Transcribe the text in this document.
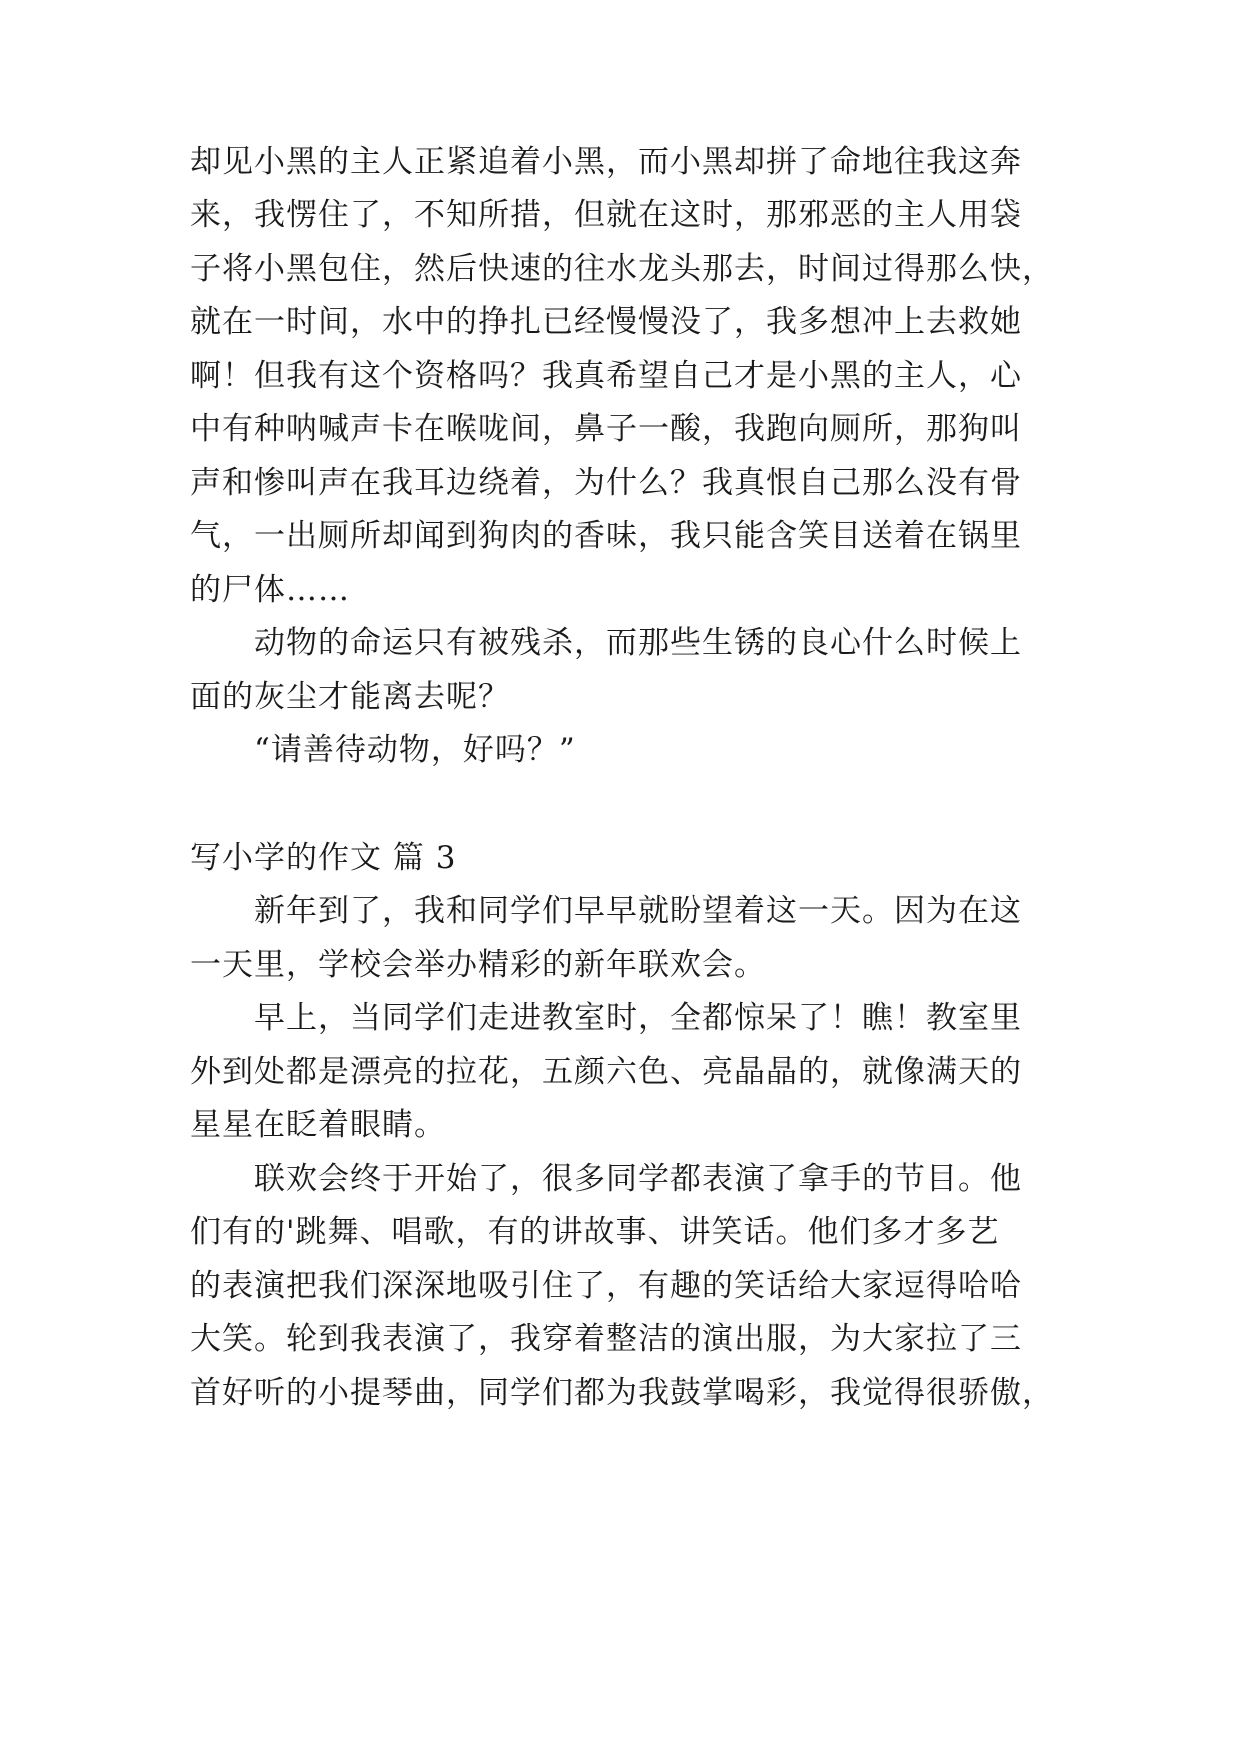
却见小黑的主人正紧追着小黑，而小黑却拼了命地往我这奔
来，我愣住了，不知所措，但就在这时，那邪恶的主人用袋
子将小黑包住，然后快速的往水龙头那去，时间过得那么快，
就在一时间，水中的挣扎已经慢慢没了，我多想冲上去救她
啊！但我有这个资格吗？我真希望自己才是小黑的主人，心
中有种呐喊声卡在喉咙间，鼻子一酸，我跑向厕所，那狗叫
声和惨叫声在我耳边绕着，为什么？我真恨自己那么没有骨
气，一出厕所却闻到狗肉的香味，我只能含笑目送着在锅里
的尸体……
　　动物的命运只有被残杀，而那些生锈的良心什么时候上
面的灰尘才能离去呢？
　　“请善待动物，好吗？”
写小学的作文 篇 3
　　新年到了，我和同学们早早就盼望着这一天。因为在这
一天里，学校会举办精彩的新年联欢会。
　　早上，当同学们走进教室时，全都惊呆了！瞧！教室里
外到处都是漂亮的拉花，五颜六色、亮晶晶的，就像满天的
星星在眨着眼睛。
　　联欢会终于开始了，很多同学都表演了拿手的节目。他
们有的'跳舞、唱歌，有的讲故事、讲笑话。他们多才多艺
的表演把我们深深地吸引住了，有趣的笑话给大家逗得哈哈
大笑。轮到我表演了，我穿着整洁的演出服，为大家拉了三
首好听的小提琴曲，同学们都为我鼓掌喝彩，我觉得很骄傲，
